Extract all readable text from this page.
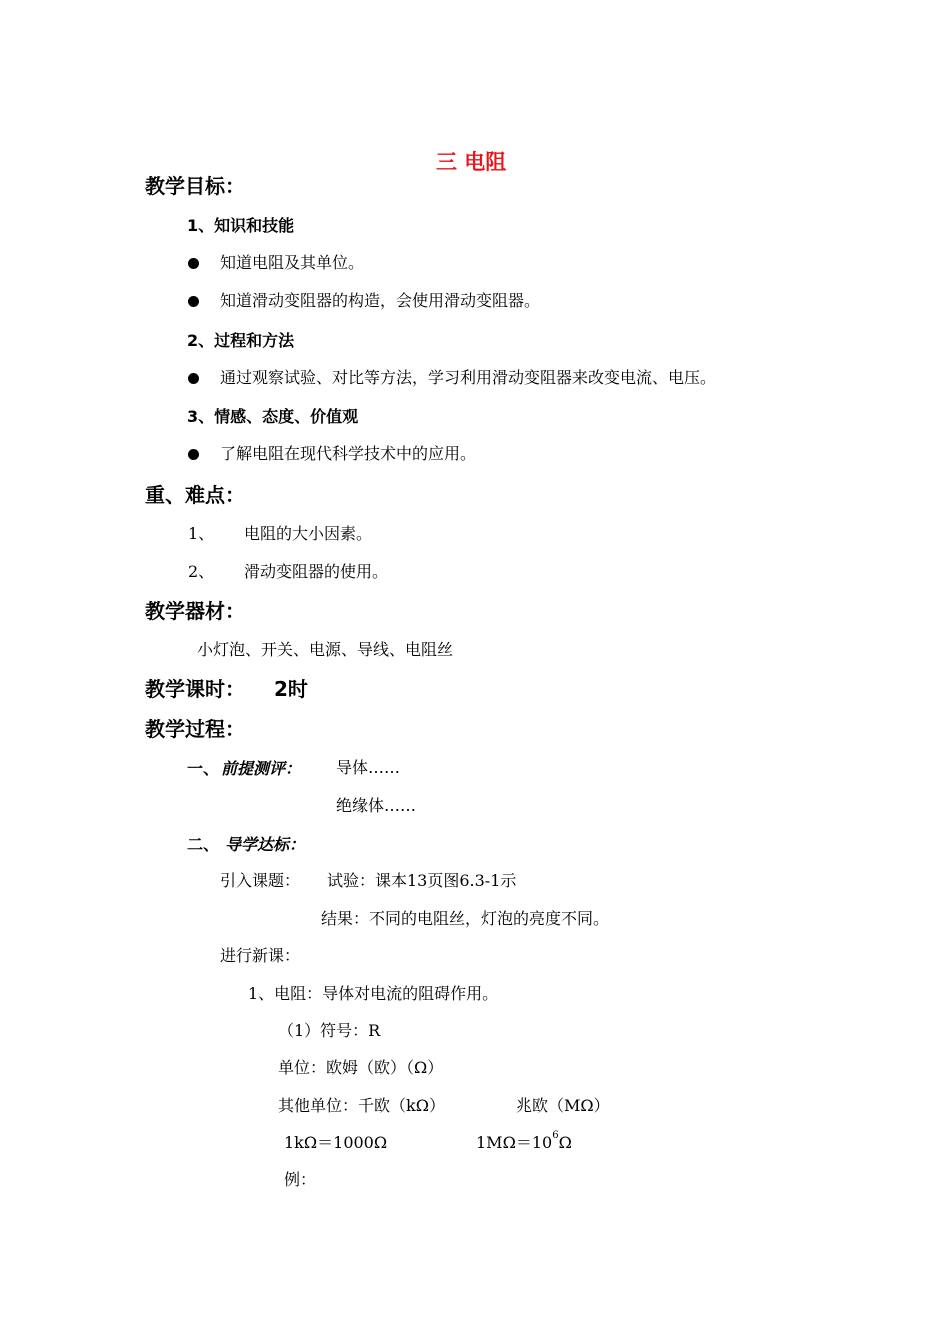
三 电阻
教学目标：
1、知识和技能
知道电阻及其单位。
知道滑动变阻器的构造，会使用滑动变阻器。
2、过程和方法
通过观察试验、对比等方法，学习利用滑动变阻器来改变电流、电压。
3、情感、态度、价值观
了解电阻在现代科学技术中的应用。
重、难点：
1、 电阻的大小因素。
2、 滑动变阻器的使用。
教学器材：
小灯泡、开关、电源、导线、电阻丝
教学课时： 2时
教学过程：
一、 前提测评： 导体……
绝缘体……
二、 导学达标：
引入课题： 试验：课本13页图6.3-1示
结果：不同的电阻丝，灯泡的亮度不同。
进行新课：
1、电阻：导体对电流的阻碍作用。
（1）符号：R
单位：欧姆（欧）（Ω）
其他单位：千欧（kΩ）	兆欧（MΩ）
1kΩ＝1000Ω	$1M\Omega=10^6\Omega$
例：
